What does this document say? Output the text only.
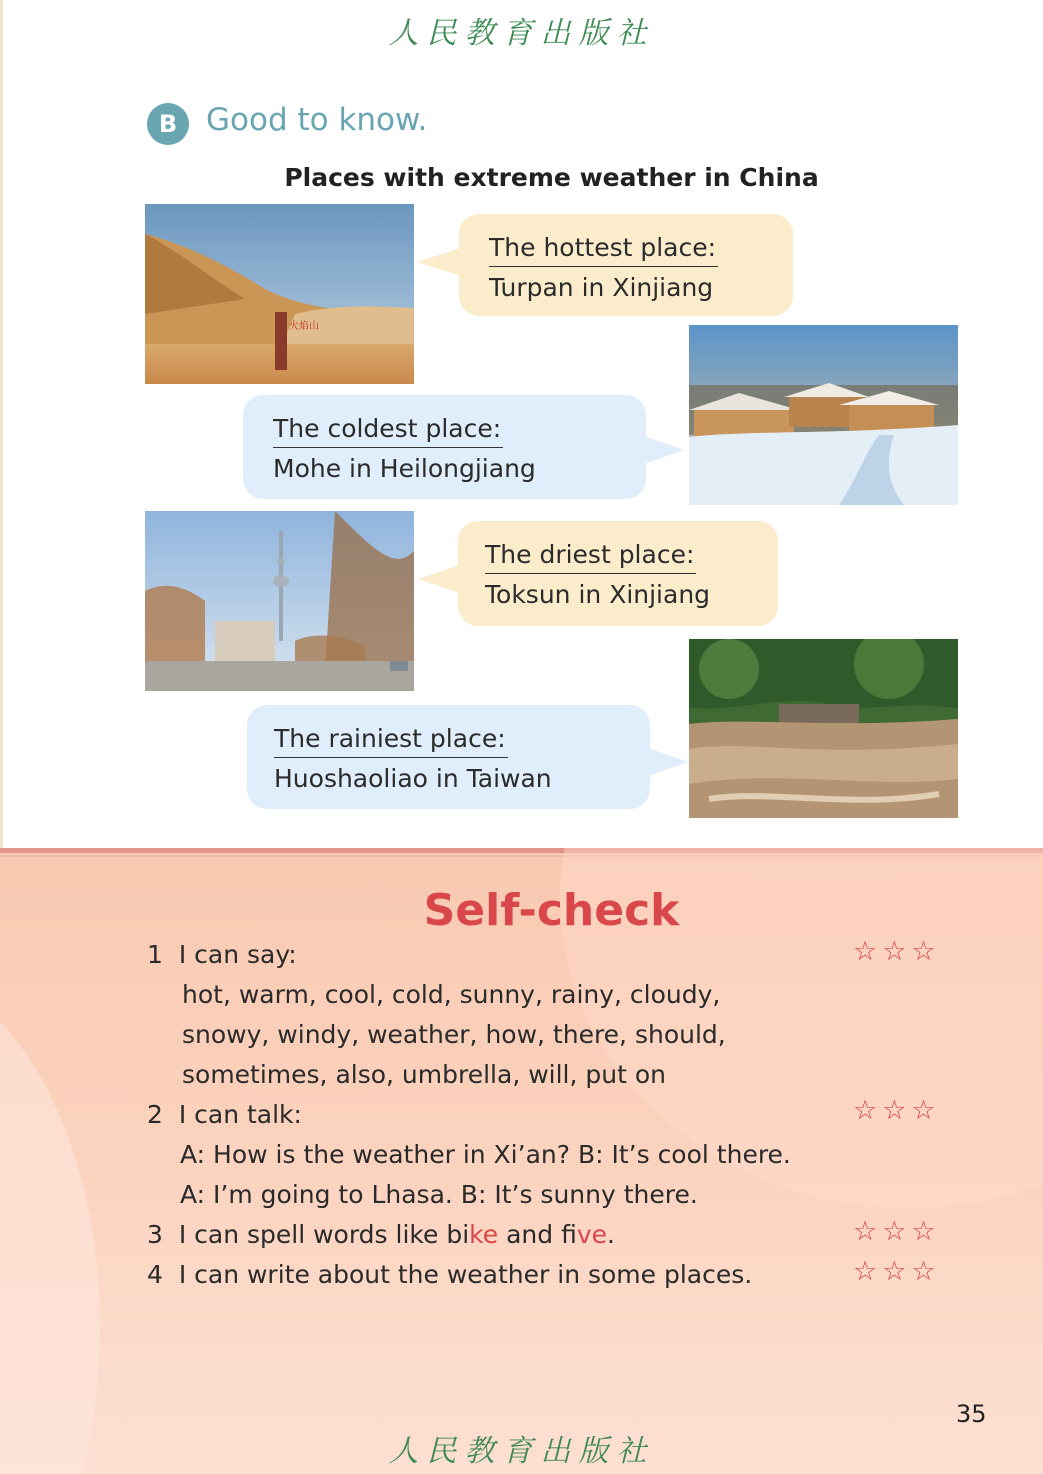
人民教育出版社
B Good to know.
Places with extreme weather in China
火焰山
The hottest place:
Turpan in Xinjiang
The coldest place:
Mohe in Heilongjiang
The driest place:
Toksun in Xinjiang
The rainiest place:
Huoshaoliao in Taiwan
Self-check
1 I can say:
hot, warm, cool, cold, sunny, rainy, cloudy,
snowy, windy, weather, how, there, should,
sometimes, also, umbrella, will, put on
☆☆☆
2 I can talk:
A: How is the weather in Xi’an? B: It’s cool there.
A: I’m going to Lhasa. B: It’s sunny there.
☆☆☆
3 I can spell words like bike and fve.	☆☆☆
4 I can write about the weather in some places.	☆☆☆
35
人民教育出版社
